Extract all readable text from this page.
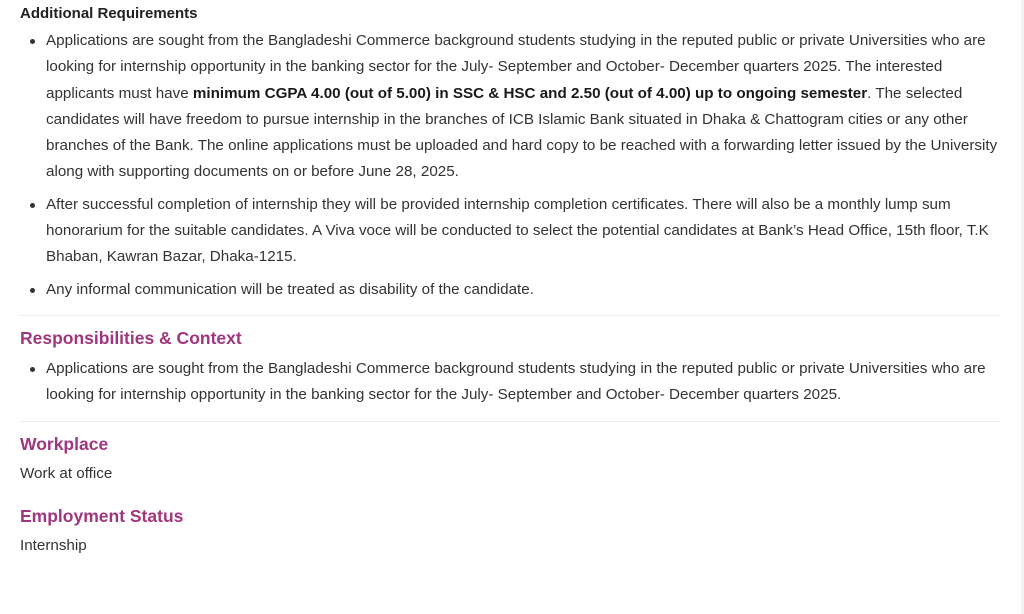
Additional Requirements
Applications are sought from the Bangladeshi Commerce background students studying in the reputed public or private Universities who are looking for internship opportunity in the banking sector for the July- September and October- December quarters 2025. The interested applicants must have minimum CGPA 4.00 (out of 5.00) in SSC & HSC and 2.50 (out of 4.00) up to ongoing semester. The selected candidates will have freedom to pursue internship in the branches of ICB Islamic Bank situated in Dhaka & Chattogram cities or any other branches of the Bank. The online applications must be uploaded and hard copy to be reached with a forwarding letter issued by the University along with supporting documents on or before June 28, 2025.
After successful completion of internship they will be provided internship completion certificates. There will also be a monthly lump sum honorarium for the suitable candidates. A Viva voce will be conducted to select the potential candidates at Bank’s Head Office, 15th floor, T.K Bhaban, Kawran Bazar, Dhaka-1215.
Any informal communication will be treated as disability of the candidate.
Responsibilities & Context
Applications are sought from the Bangladeshi Commerce background students studying in the reputed public or private Universities who are looking for internship opportunity in the banking sector for the July- September and October- December quarters 2025.
Workplace

Work at office

Employment Status

Internship
